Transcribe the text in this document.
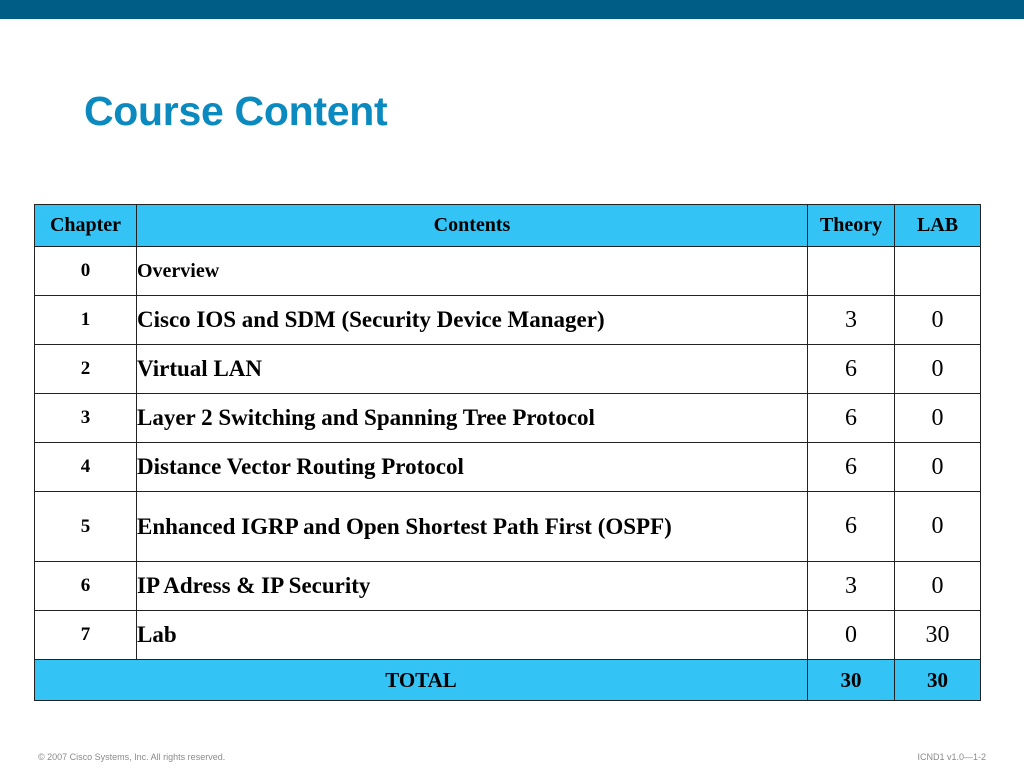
Course Content
Chapter	Contents	Theory	LAB
0	Overview		
1	Cisco IOS and SDM (Security Device Manager)	3	0
2	Virtual LAN	6	0
3	Layer 2 Switching and Spanning Tree Protocol	6	0
4	Distance Vector Routing Protocol	6	0
5	Enhanced IGRP and Open Shortest Path First (OSPF)	6	0
6	IP Adress & IP Security	3	0
7	Lab	0	30
TOTAL		30	30
© 2007 Cisco Systems, Inc. All rights reserved.	ICND1 v1.0—1-2
